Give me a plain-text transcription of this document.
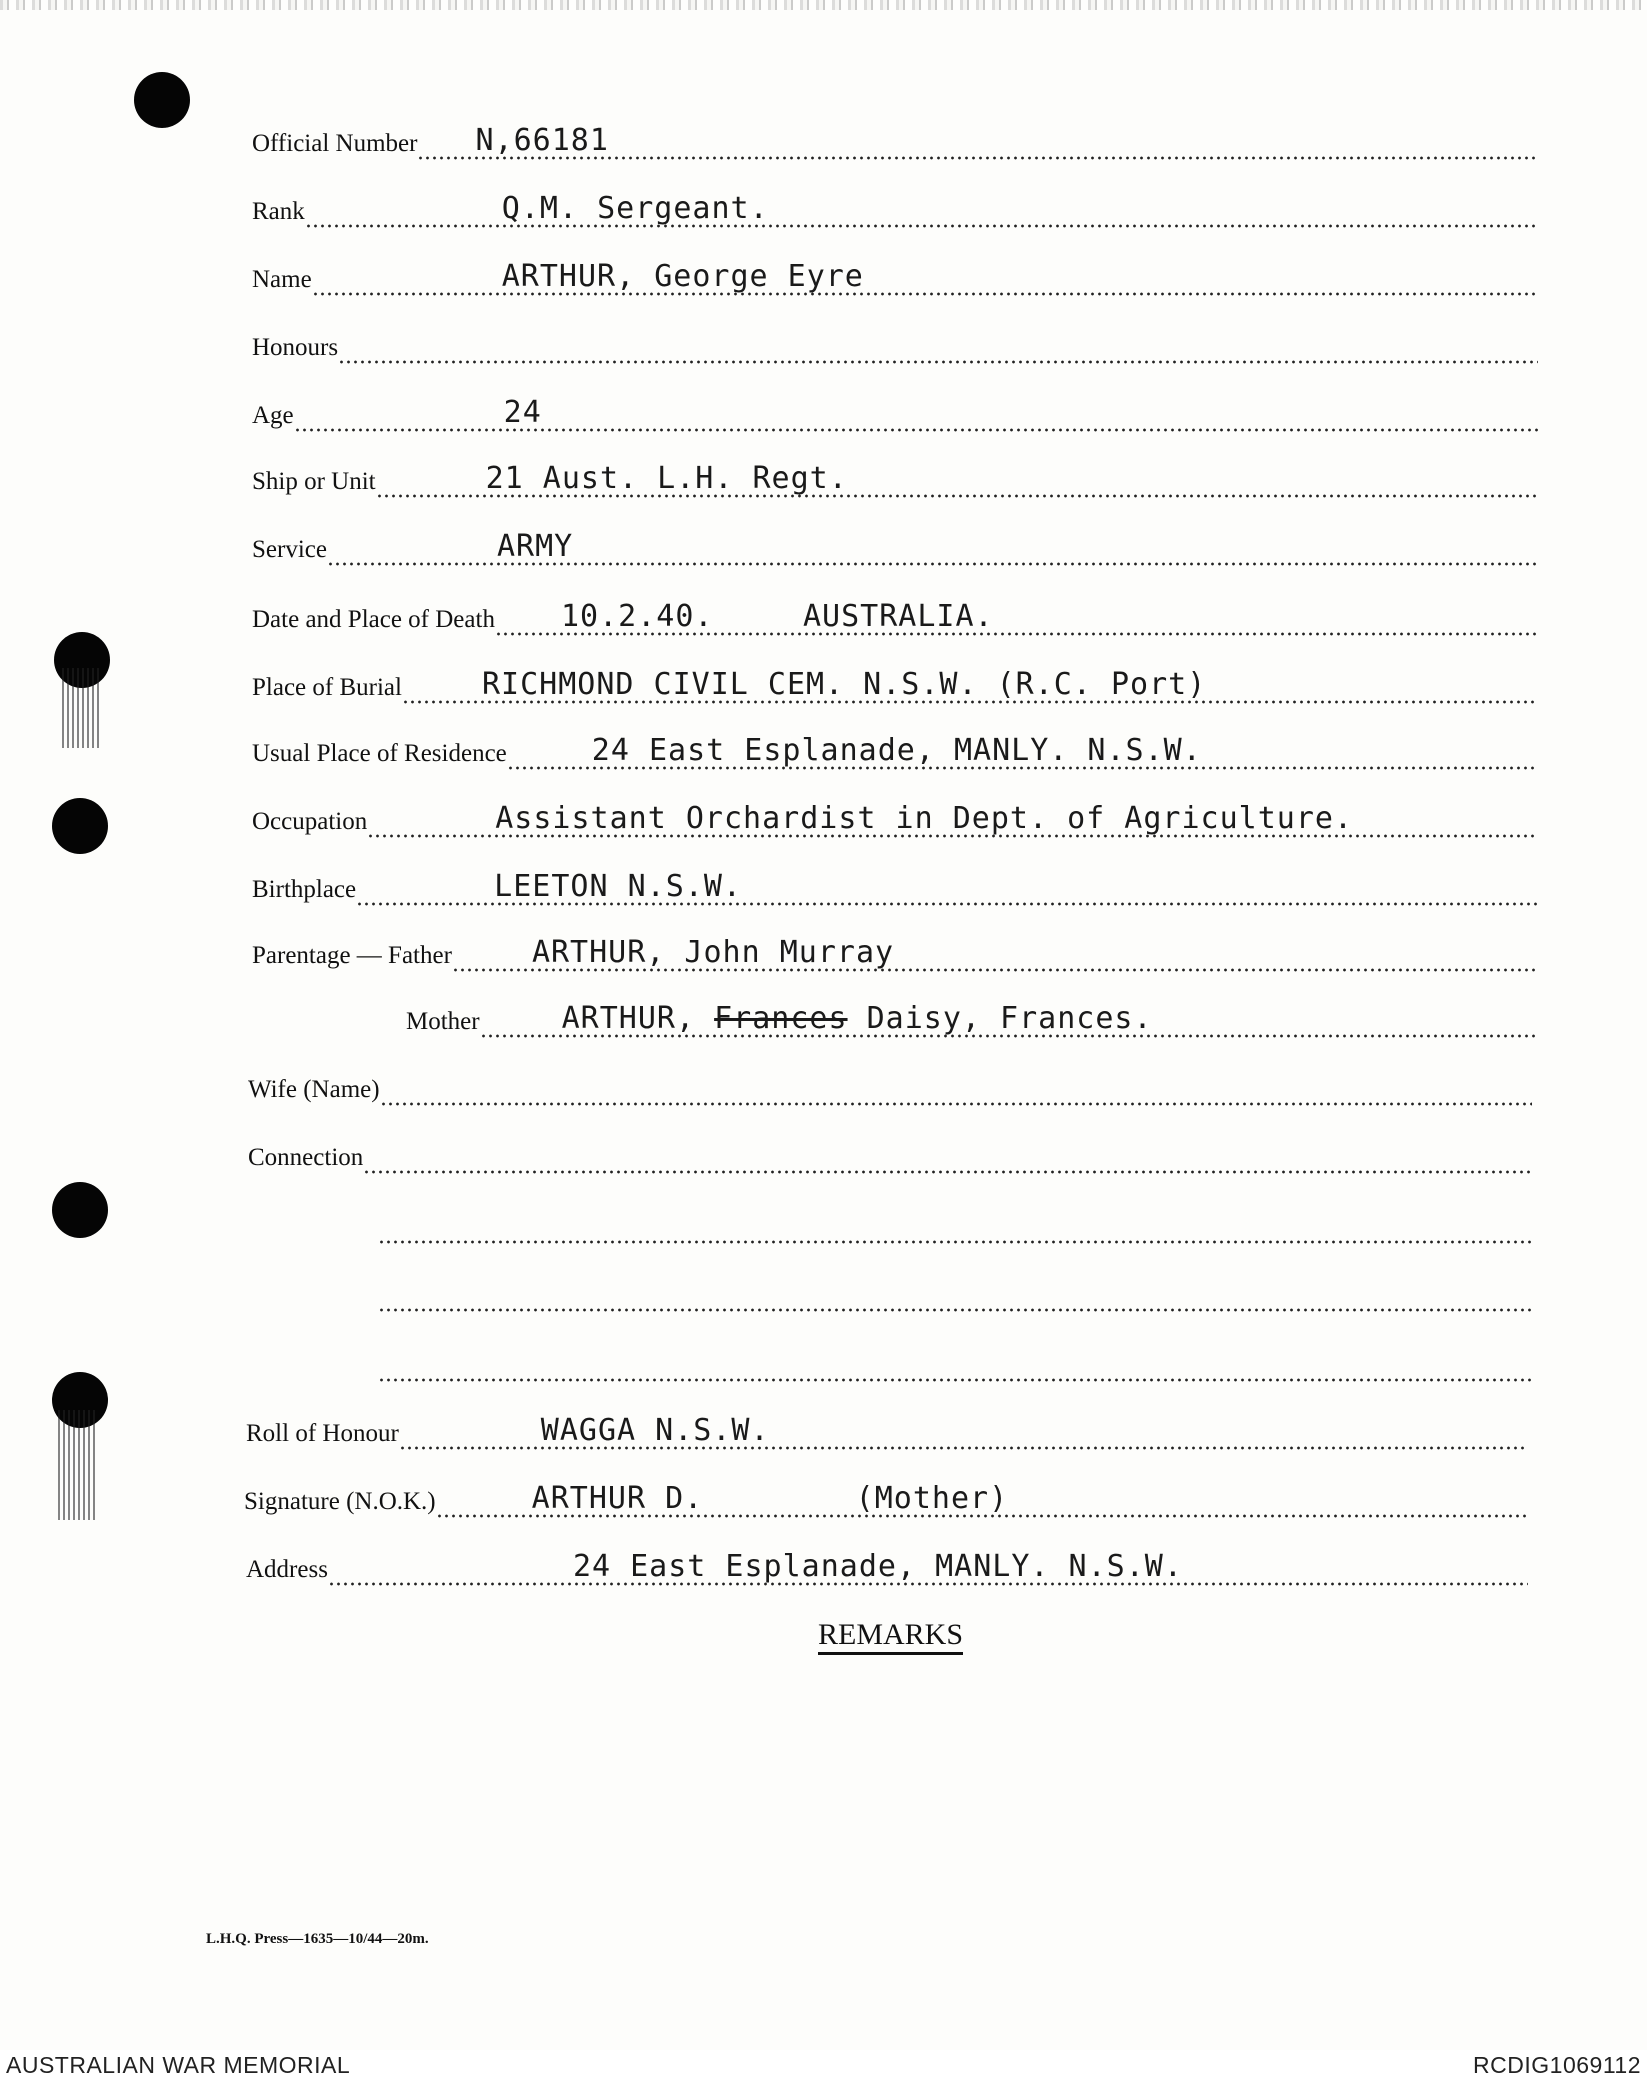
Official Number N,66181
Rank	Q.M. Sergeant.
Name	ARTHUR, George Eyre
Honours
Age	24
Ship or Unit	21 Aust. L.H. Regt.
Service	ARMY
Date and Place of Death 10.2.40.	AUSTRALIA.
Place of Burial	RICHMOND CIVIL CEM. N.S.W. (R.C. Port)
Usual Place of Residence	24 East Esplanade, MANLY. N.S.W.
Occupation	Assistant Orchardist in Dept. of Agriculture.
Birthplace	LEETON N.S.W.
Parentage — Father	ARTHUR, John Murray
Mother	ARTHUR, Frances Daisy, Frances.
Wife (Name)
Connection
Roll of Honour	WAGGA N.S.W.
Signature (N.O.K.)	ARTHUR D.	(Mother)
Address	24 East Esplanade, MANLY. N.S.W.
REMARKS
L.H.Q. Press—1635—10/44—20m.
AUSTRALIAN WAR MEMORIAL	RCDIG1069112
